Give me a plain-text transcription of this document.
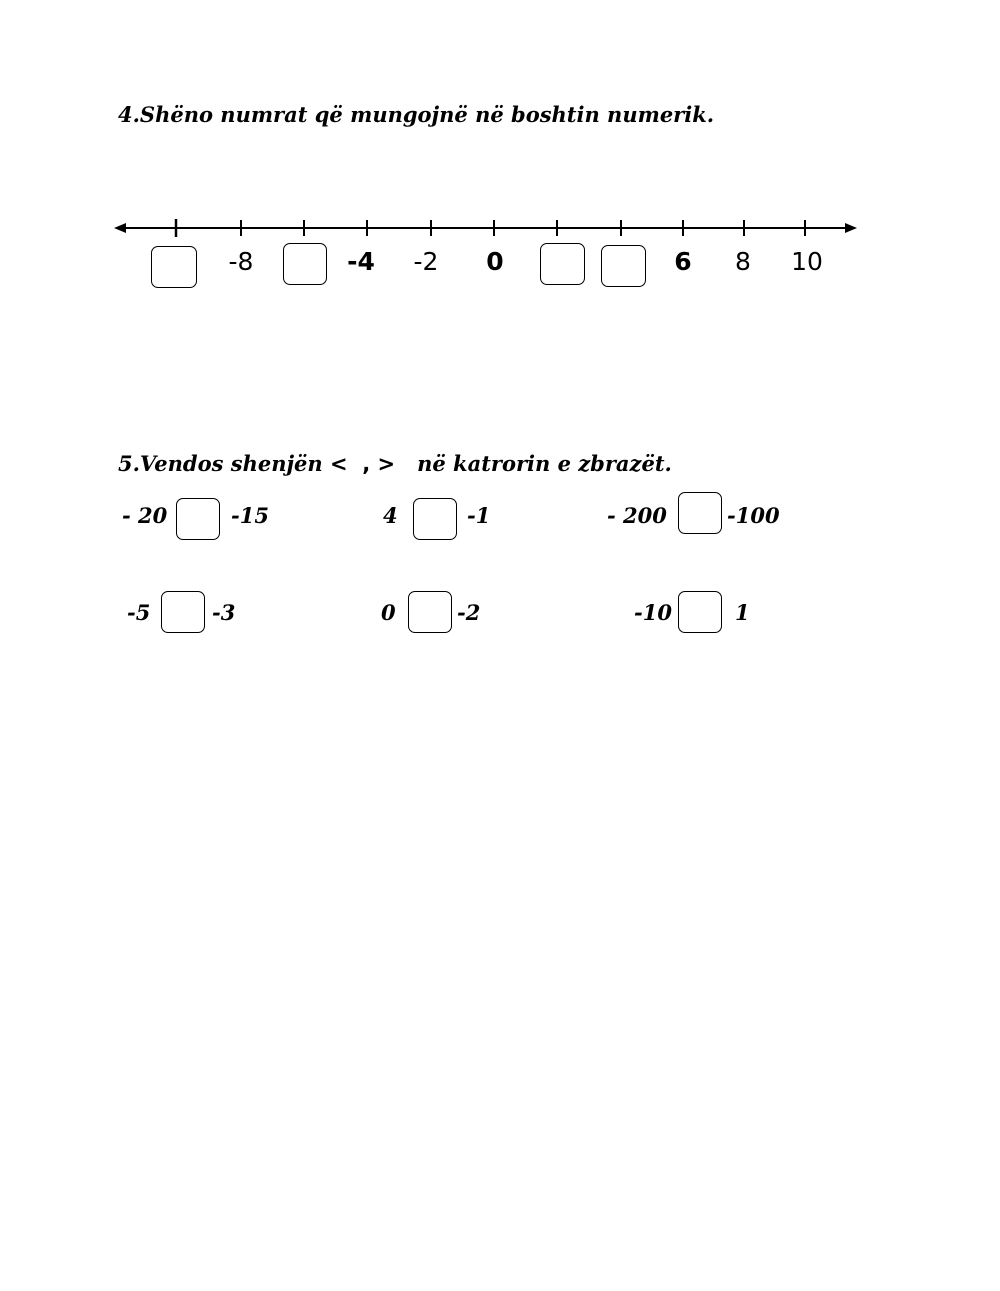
4.Shëno numrat që mungojnë në boshtin numerik.
-8	-4 -2 0	6 8 10
5.Vendos shenjën < , > në katrorin e zbrazët.
- 20	-15	4	-1	- 200	-100
-5	-3	0	-2	-10	1
